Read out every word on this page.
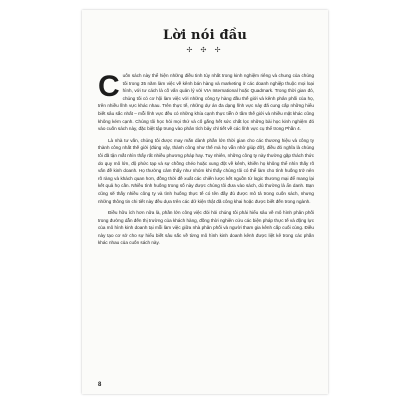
Lời nói đầu
✢ ✣ ✢

Cuốn sách này thể hiện những điều tinh túy nhất trong kinh nghiệm riêng và chung của chúng tôi trong 35 năm làm việc về kênh bán hàng và marketing ở các doanh nghiệp thuộc mọi loại hình, với tư cách là cố vấn quản lý với VIA International hoặc Quadmark. Trong thời gian đó, chúng tôi có cơ hội làm việc với những công ty hàng đầu thế giới và kênh phân phối của họ, trên nhiều lĩnh vực khác nhau. Trên thực tế, những dự án đa dạng lĩnh vực này đã cung cấp những hiểu biết sâu sắc nhất – mỗi lĩnh vực đều có những khía cạnh thực tiễn ở tầm thế giới và nhiều mặt khác cũng không kém cạnh. Chúng tôi học hỏi mọi thứ và cố gắng hết sức chắt lọc những bài học kinh nghiệm đó vào cuốn sách này, đặc biệt tập trung vào phân tích bảy chỉ tiết về các lĩnh vực cụ thể trong Phần 4.

Là nhà tư vấn, chúng tôi được may mắn dành phần lớn thời gian cho các thương hiệu và công ty thành công nhất thế giới (đúng vậy, thành công như thế mà họ vẫn nhờ giúp đỡ), điều đó nghĩa là chúng tôi đã tận mắt nhìn thấy rất nhiều phương pháp hay. Tuy nhiên, những công ty này thường gặp thách thức do quy mô lớn, độ phức tạp và sự chồng chéo hoặc xung đột về kênh, khiến họ không thể nhìn thấy rõ vấn đề kinh doanh. Họ thường cảm thấy như nhóm khi thấy chúng tôi có thể làm cho tình huống trở nên rõ ràng và khách quan hơn, đồng thời đề xuất các chiến lược kết nguồn từ logic thương mại để mang lại kết quả họ cần. Nhiều tình huống trong số này được chúng tôi đưa vào sách, dù thường là ẩn danh. Bạn cũng sẽ thấy nhiều công ty và tình huống thực tế có tên đầy đủ được mô tả trong cuốn sách, nhưng những thông tin chi tiết này đều dựa trên các dữ kiện thật đã công khai hoặc được biết đến trong ngành.

Điều hữu ích hơn nữa là, phần lớn công việc đòi hỏi chúng tôi phải hiểu sâu về mô hình phân phối trong đường dẫn đến thị trường của khách hàng, đồng thời nghiên cứu các biện pháp thực tế và động lực của mô hình kinh doanh tại mỗi làm việc giữa nhà phân phối và người tham gia kênh cấp cuối cùng. Điều này tạo cơ sở cho sự hiểu biết sâu sắc về từng mô hình kinh doanh kênh được liệt kê trong các phần khác nhau của cuốn sách này.

8
